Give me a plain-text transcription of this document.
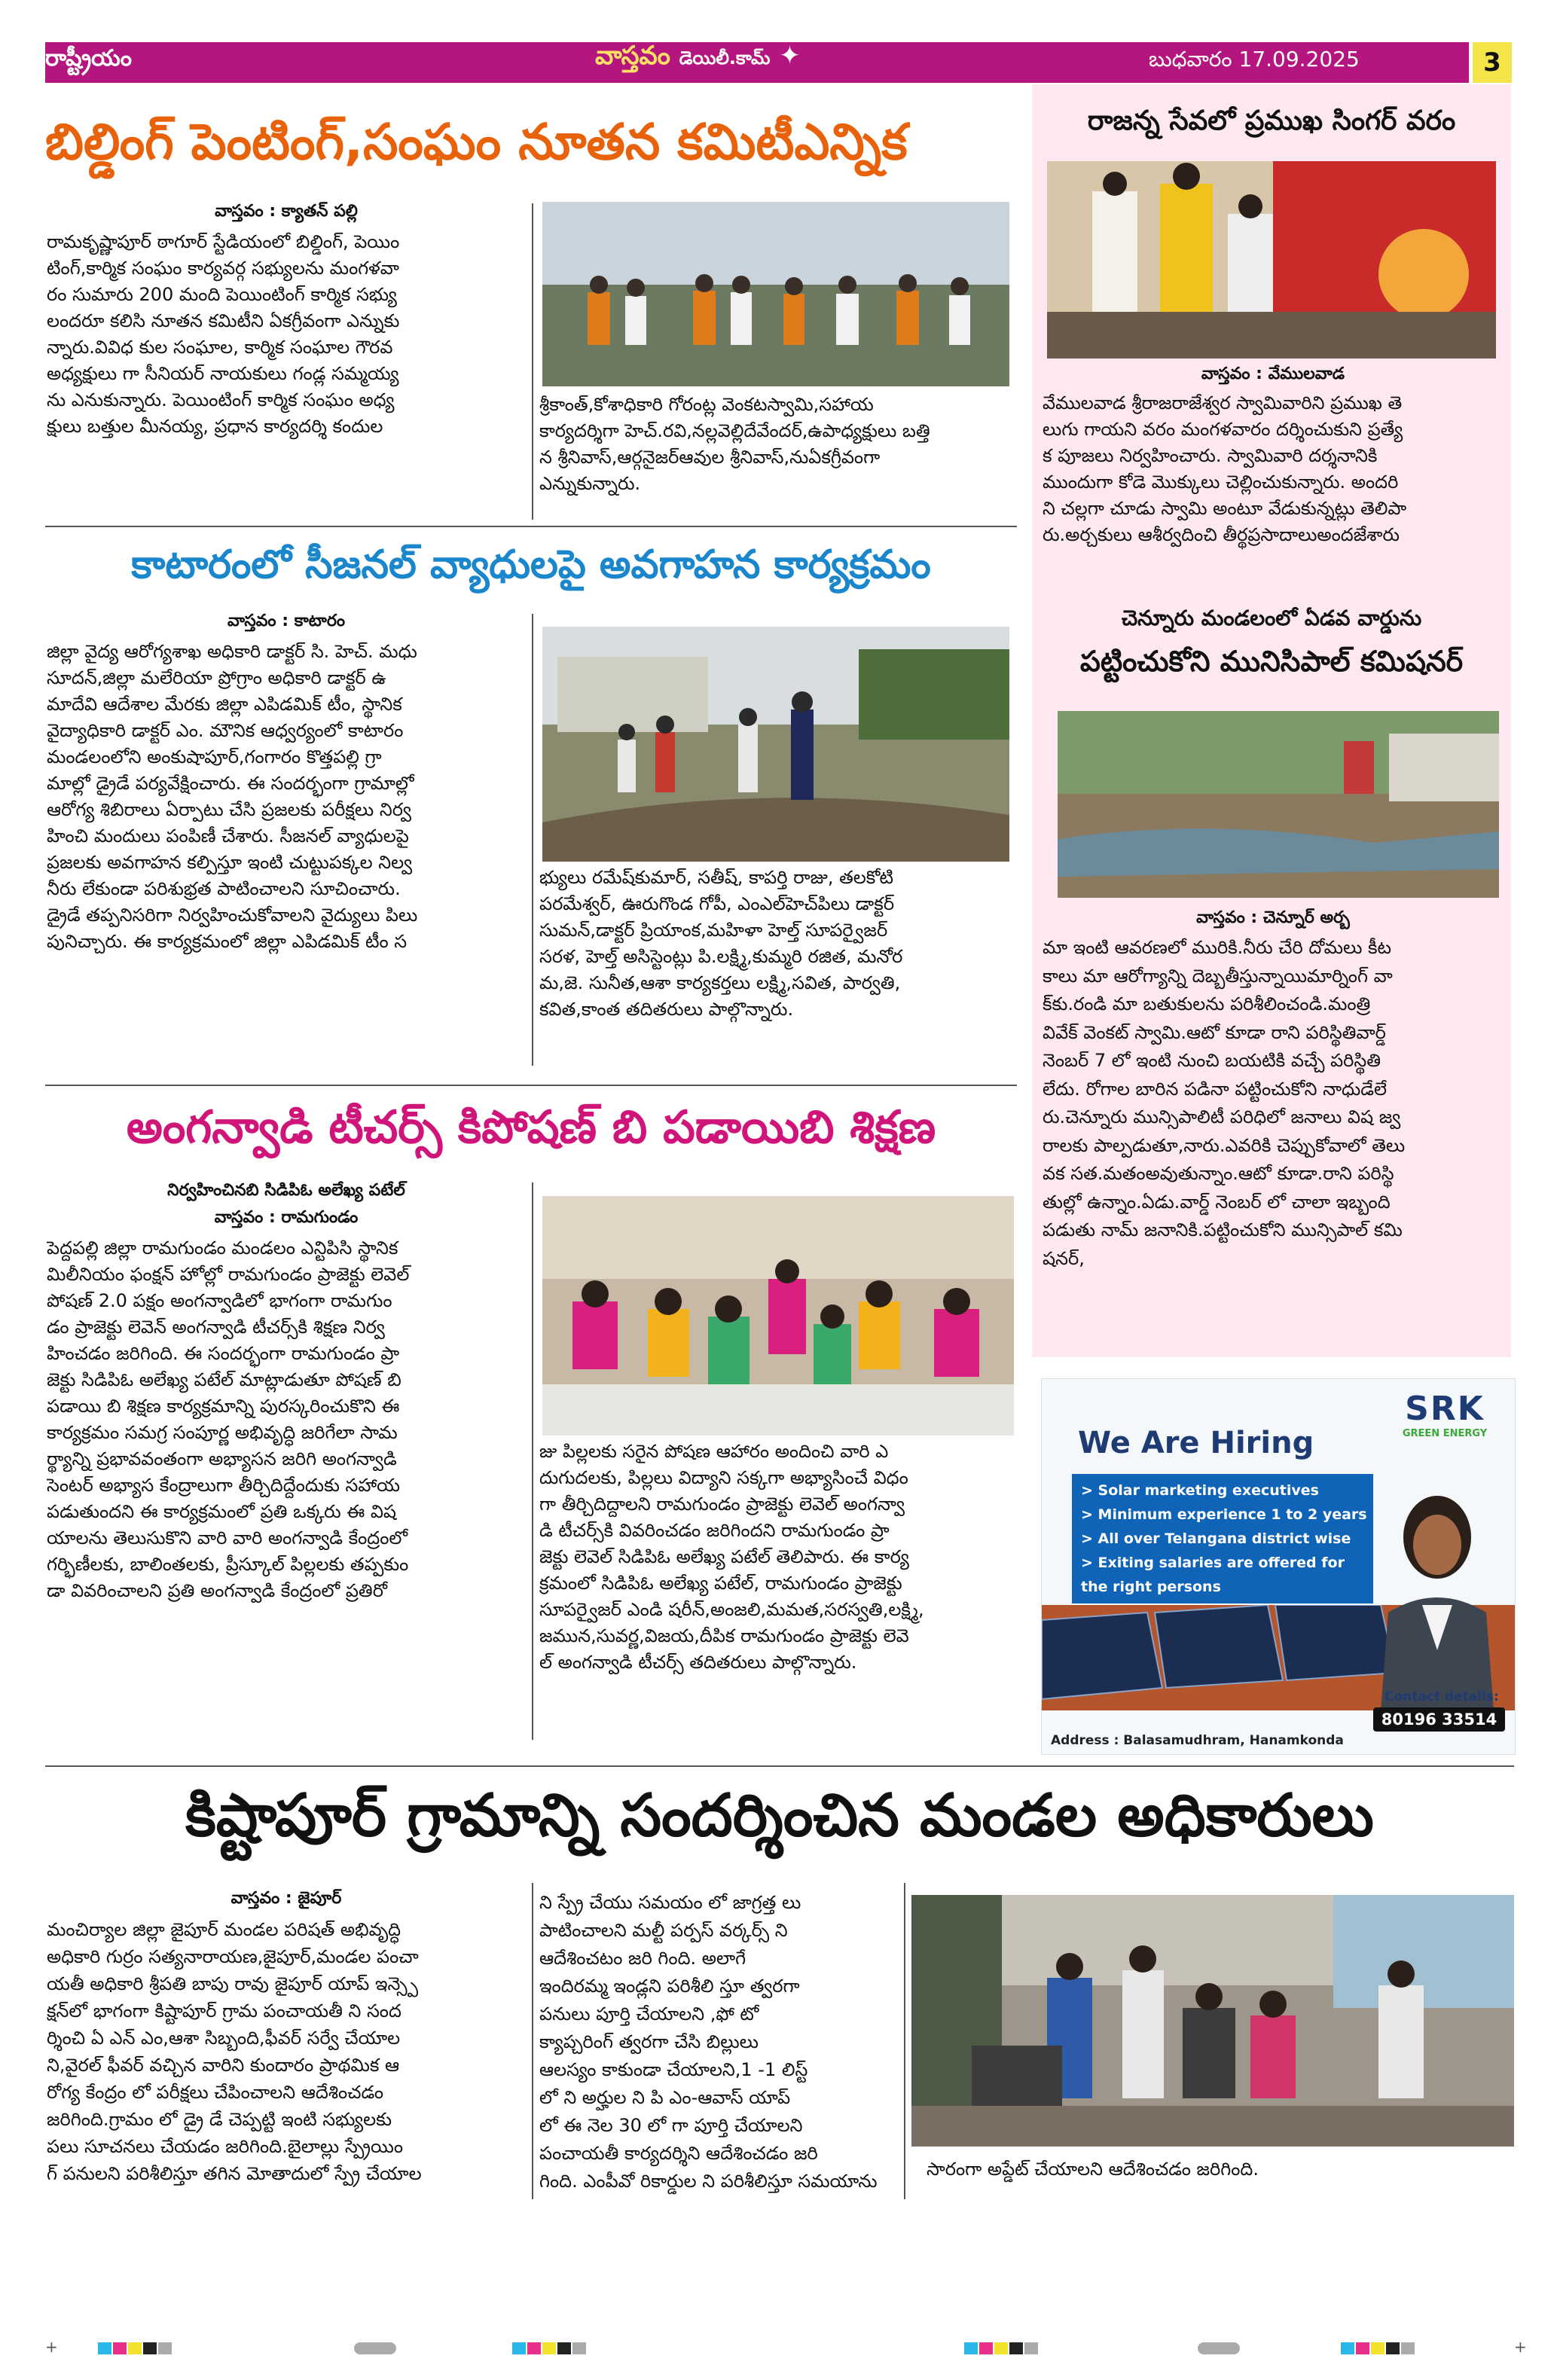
రాష్ట్రీయం	వాస్తవం డెయిలీ.కామ్ ✦	బుధవారం 17.09.2025	3
బిల్డింగ్ పెంటింగ్,సంఘం నూతన కమిటీఎన్నిక
వాస్తవం : క్యాతన్ పల్లి

రామకృష్ణాపూర్ ఠాగూర్ స్టేడియంలో బిల్డింగ్, పెయిం

టింగ్,కార్మిక సంఘం కార్యవర్గ సభ్యులను మంగళవా

రం సుమారు 200 మంది పెయింటింగ్ కార్మిక సభ్యు

లందరూ కలిసి నూతన కమిటీని ఏకగ్రీవంగా ఎన్నుకు

న్నారు.వివిధ కుల సంఘాల, కార్మిక సంఘాల గౌరవ

అధ్యక్షులు గా సీనియర్ నాయకులు గండ్ల సమ్మయ్య

ను ఎనుకున్నారు. పెయింటింగ్ కార్మిక సంఘం అధ్య

క్షులు బత్తుల మీనయ్య, ప్రధాన కార్యదర్శి కందుల

శ్రీకాంత్,కోశాధికారి గోరంట్ల వెంకటస్వామి,సహాయ

కార్యదర్శిగా హెచ్.రవి,నల్లవెల్లిదేవేందర్,ఉపాధ్యక్షులు బత్తి

న శ్రీనివాస్,ఆర్గనైజర్ఆవుల శ్రీనివాస్,నుఏకగ్రీవంగా

ఎన్నుకున్నారు.

కాటారంలో సీజనల్ వ్యాధులపై అవగాహన కార్యక్రమం
వాస్తవం : కాటారం

జిల్లా వైద్య ఆరోగ్యశాఖ అధికారి డాక్టర్ సి. హెచ్. మధు

సూదన్,జిల్లా మలేరియా ప్రోగ్రాం అధికారి డాక్టర్ ఉ

మాదేవి ఆదేశాల మేరకు జిల్లా ఎపిడమిక్ టీం, స్థానిక

వైద్యాధికారి డాక్టర్ ఎం. మౌనిక ఆధ్వర్యంలో కాటారం

మండలంలోని అంకుషాపూర్,గంగారం కొత్తపల్లి గ్రా

మాల్లో డ్రైడే పర్యవేక్షించారు. ఈ సందర్భంగా గ్రామాల్లో

ఆరోగ్య శిబిరాలు ఏర్పాటు చేసి ప్రజలకు పరీక్షలు నిర్వ

హించి మందులు పంపిణీ చేశారు. సీజనల్ వ్యాధులపై

ప్రజలకు అవగాహన కల్పిస్తూ ఇంటి చుట్టుపక్కల నిల్వ

నీరు లేకుండా పరిశుభ్రత పాటించాలని సూచించారు.

డ్రైడే తప్పనిసరిగా నిర్వహించుకోవాలని వైద్యులు పిలు

పునిచ్చారు. ఈ కార్యక్రమంలో జిల్లా ఎపిడమిక్ టీం స

భ్యులు రమేష్‌కుమార్, సతీష్, కాపర్తి రాజు, తలకోటి

పరమేశ్వర్, ఊరుగొండ గోపీ, ఎంఎల్‌హెచ్‌పిలు డాక్టర్

సుమన్,డాక్టర్ ప్రియాంక,మహిళా హెల్త్ సూపర్వైజర్

సరళ, హెల్త్ అసిస్టెంట్లు పి.లక్ష్మి,కుమ్మరి రజిత, మనోర

మ,జె. సునీత,ఆశా కార్యకర్తలు లక్ష్మి,సవిత, పార్వతి,

కవిత,కాంత తదితరులు పాల్గొన్నారు.

అంగన్వాడి టీచర్స్ కిపోషణ్ బి పడాయిబి శిక్షణ
నిర్వహించినబి సిడిపిఓ అలేఖ్య పటేల్
వాస్తవం : రామగుండం

పెద్దపల్లి జిల్లా రామగుండం మండలం ఎన్టిపిసి స్థానిక

మిలీనియం ఫంక్షన్ హోల్లో రామగుండం ప్రాజెక్టు లెవెల్

పోషణ్ 2.0 పక్షం అంగన్వాడిలో భాగంగా రామగుం

డం ప్రాజెక్టు లెవెన్ అంగన్వాడి టీచర్స్‌కి శిక్షణ నిర్వ

హించడం జరిగింది. ఈ సందర్భంగా రామగుండం ప్రా

జెక్టు సిడిపిఓ అలేఖ్య పటేల్ మాట్లాడుతూ పోషణ్ బి

పడాయి బి శిక్షణ కార్యక్రమాన్ని పురస్కరించుకొని ఈ

కార్యక్రమం సమగ్ర సంపూర్ణ అభివృద్ధి జరిగేలా సామ

ర్థ్యాన్ని ప్రభావవంతంగా అభ్యాసన జరిగి అంగన్వాడి

సెంటర్ అభ్యాస కేంద్రాలుగా తీర్చిదిద్దేందుకు సహాయ

పడుతుందని ఈ కార్యక్రమంలో ప్రతి ఒక్కరు ఈ విష

యాలను తెలుసుకొని వారి వారి అంగన్వాడి కేంద్రంలో

గర్భిణీలకు, బాలింతలకు, ప్రీస్కూల్ పిల్లలకు తప్పకుం

డా వివరించాలని ప్రతి అంగన్వాడి కేంద్రంలో ప్రతిరో

జు పిల్లలకు సరైన పోషణ ఆహారం అందించి వారి ఎ

దుగుదలకు, పిల్లలు విద్యాని సక్కగా అభ్యాసించే విధం

గా తీర్చిదిద్దాలని రామగుండం ప్రాజెక్టు లెవెల్ అంగన్వా

డి టీచర్స్‌కి వివరించడం జరిగిందని రామగుండం ప్రా

జెక్టు లెవెల్ సిడిపిఓ అలేఖ్య పటేల్ తెలిపారు. ఈ కార్య

క్రమంలో సిడిపిఓ అలేఖ్య పటేల్, రామగుండం ప్రాజెక్టు

సూపర్వైజర్ ఎండి షరీన్,అంజలి,మమత,సరస్వతి,లక్ష్మి,

జమున,సువర్ణ,విజయ,దీపిక రామగుండం ప్రాజెక్టు లెవె

ల్ అంగన్వాడి టీచర్స్ తదితరులు పాల్గొన్నారు.

రాజన్న సేవలో ప్రముఖ సింగర్ వరం
వాస్తవం : వేములవాడ

వేములవాడ శ్రీరాజరాజేశ్వర స్వామివారిని ప్రముఖ తె

లుగు గాయని వరం మంగళవారం దర్శించుకుని ప్రత్యే

క పూజలు నిర్వహించారు. స్వామివారి దర్శనానికి

ముందుగా కోడె మొక్కులు చెల్లించుకున్నారు. అందరి

ని చల్లగా చూడు స్వామి అంటూ వేడుకున్నట్లు తెలిపా

రు.అర్చకులు ఆశీర్వదించి తీర్థప్రసాదాలుఅందజేశారు

చెన్నూరు మండలంలో ఏడవ వార్డును
పట్టించుకోని మునిసిపాల్ కమిషనర్
వాస్తవం : చెన్నూర్ అర్బ

మా ఇంటి ఆవరణలో మురికి.నీరు చేరి దోమలు కీట

కాలు మా ఆరోగ్యాన్ని దెబ్బతీస్తున్నాయిమార్నింగ్ వా

క్‌కు.రండి మా బతుకులను పరిశీలించండి.మంత్రి

వివేక్ వెంకట్ స్వామి.ఆటో కూడా రాని పరిస్థితివార్డ్

నెంబర్ 7 లో ఇంటి నుంచి బయటికి వచ్చే పరిస్థితి

లేదు. రోగాల బారిన పడినా పట్టించుకోని నాధుడేలే

రు.చెన్నూరు మున్సిపాలిటీ పరిధిలో జనాలు విష జ్వ

రాలకు పాల్పడుతూ,నారు.ఎవరికి చెప్పుకోవాలో తెలు

వక సత.మతంఅవుతున్నాం.ఆటో కూడా.రాని పరిస్థి

తుల్లో ఉన్నాం.ఏడు.వార్డ్ నెంబర్ లో చాలా ఇబ్బంది

పడుతు నామ్ జనానికి.పట్టించుకోని మున్సిపాల్ కమి

షనర్,

SRK
GREEN ENERGY
We Are Hiring
> Solar marketing executives
> Minimum experience 1 to 2 years
> All over Telangana district wise
> Exiting salaries are offered for
the right persons
Contact details:
80196 33514
Address : Balasamudhram, Hanamkonda
కిష్టాపూర్ గ్రామాన్ని సందర్శించిన మండల అధికారులు
వాస్తవం : జైపూర్

మంచిర్యాల జిల్లా జైపూర్ మండల పరిషత్ అభివృద్ధి

అధికారి గుర్రం సత్యనారాయణ,జైపూర్,మండల పంచా

యతీ అధికారి శ్రీపతి బాపు రావు జైపూర్ యాప్ ఇన్స్పె

క్షన్‌లో భాగంగా కిష్టాపూర్ గ్రామ పంచాయతీ ని సంద

ర్శించి ఏ ఎన్ ఎం,ఆశా సిబ్బంది,ఫీవర్ సర్వే చేయాల

ని,వైరల్ ఫీవర్ వచ్చిన వారిని కుందారం ప్రాథమిక ఆ

రోగ్య కేంద్రం లో పరీక్షలు చేపించాలని ఆదేశించడం

జరిగింది.గ్రామం లో డ్రై డే చెప్పట్టి ఇంటి సభ్యులకు

పలు సూచనలు చేయడం జరిగింది.బైలాల్లు స్ప్రేయిం

గ్ పనులని పరిశీలిస్తూ తగిన మోతాదులో స్ప్రే చేయాల

ని స్ప్రే చేయు సమయం లో జాగ్రత్త లు

పాటించాలని మల్టీ పర్పస్ వర్కర్స్ ని

ఆదేశించటం జరి గింది. అలాగే

ఇందిరమ్మ ఇండ్లని పరిశీలి స్తూ త్వరగా

పనులు పూర్తి చేయాలని ,ఫో టో

క్యాప్చరింగ్ త్వరగా చేసి బిల్లులు

ఆలస్యం కాకుండా చేయాలని,1 -1 లిస్ట్

లో ని అర్హుల ని పి ఎం-ఆవాస్ యాప్

లో ఈ నెల 30 లో గా పూర్తి చేయాలని

పంచాయతీ కార్యదర్శిని ఆదేశించడం జరి

గింది. ఎంపీవో రికార్డుల ని పరిశీలిస్తూ సమయాను

సారంగా అప్డేట్ చేయాలని ఆదేశించడం జరిగింది.
+	+
